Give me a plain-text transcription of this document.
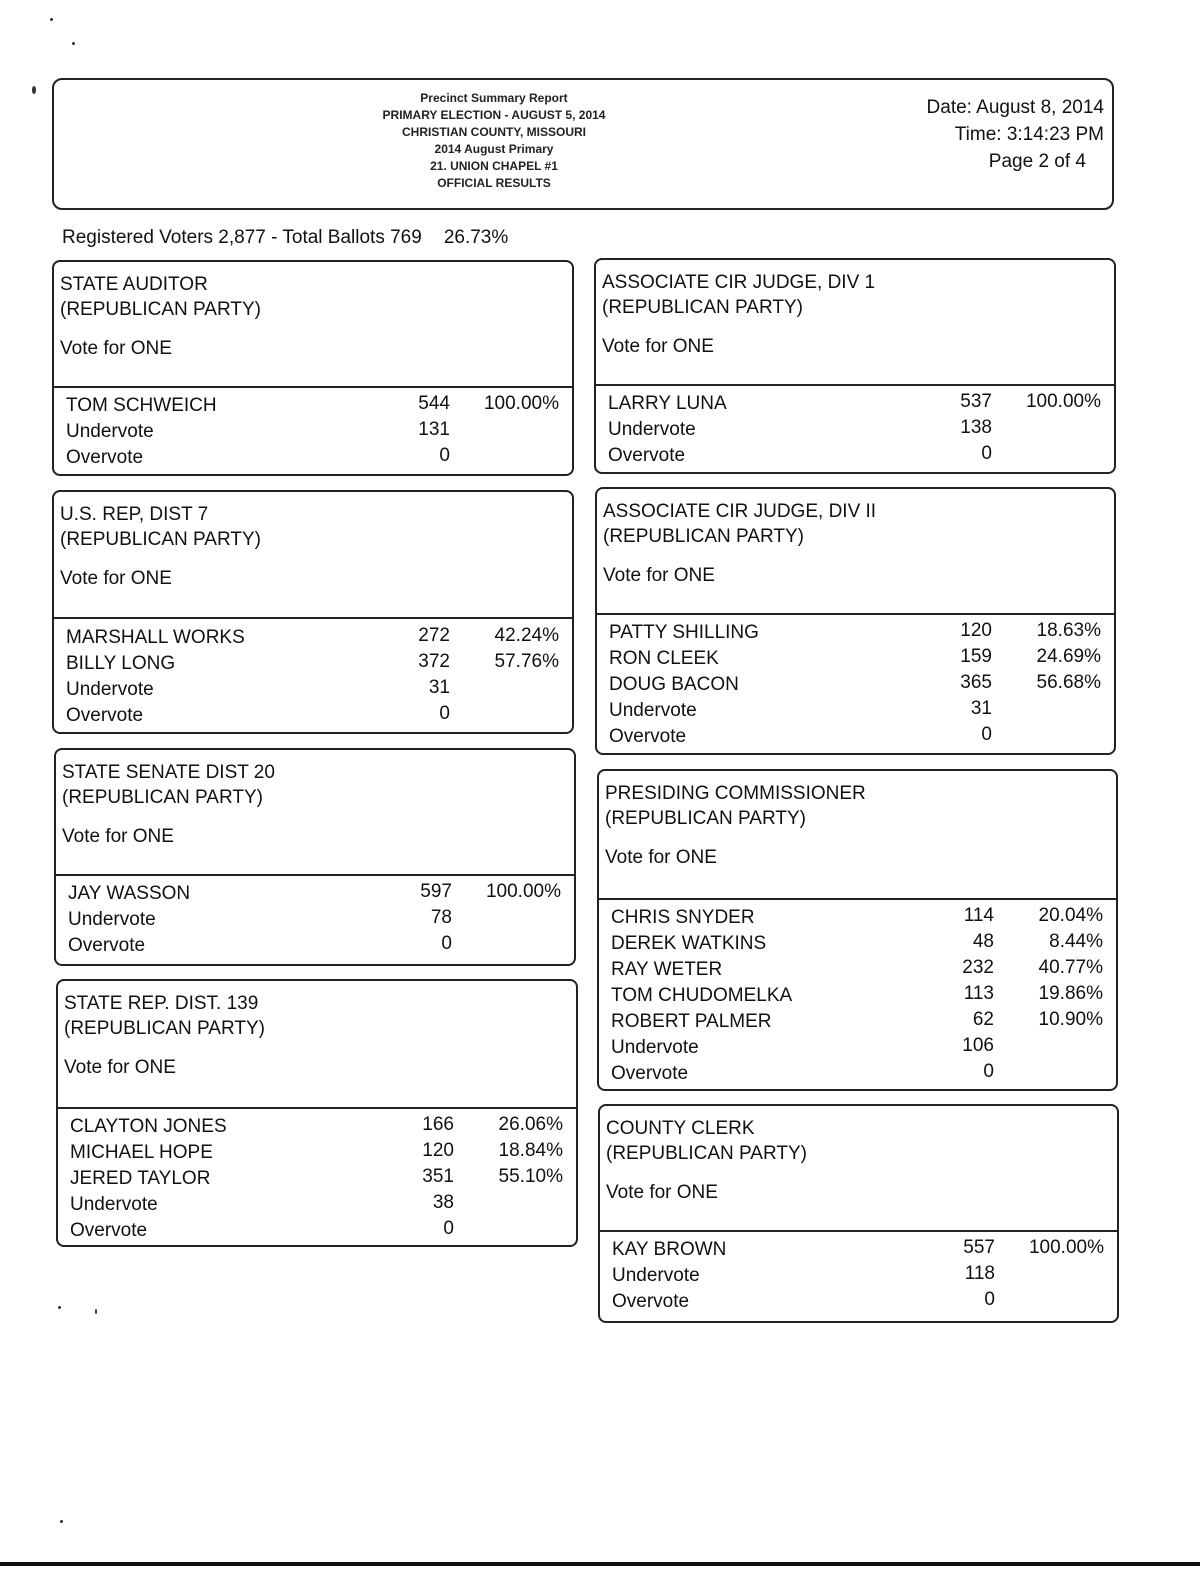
Precinct Summary Report
PRIMARY ELECTION - AUGUST 5, 2014
CHRISTIAN COUNTY, MISSOURI
2014 August Primary
21. UNION CHAPEL #1
OFFICIAL RESULTS
Date: August 8, 2014
Time: 3:14:23 PM
Page 2 of 4
Registered Voters 2,877 - Total Ballots 769 26.73%
STATE AUDITOR
(REPUBLICAN PARTY)
Vote for ONE
TOM SCHWEICH	544 100.00%
Undervote	131
Overvote	0
U.S. REP, DIST 7
(REPUBLICAN PARTY)
Vote for ONE
MARSHALL WORKS	272 42.24%
BILLY LONG	372 57.76%
Undervote	31
Overvote	0
STATE SENATE DIST 20
(REPUBLICAN PARTY)
Vote for ONE
JAY WASSON	597 100.00%
Undervote	78
Overvote	0
STATE REP. DIST. 139
(REPUBLICAN PARTY)
Vote for ONE
CLAYTON JONES	166 26.06%
MICHAEL HOPE	120 18.84%
JERED TAYLOR	351 55.10%
Undervote	38
Overvote	0
ASSOCIATE CIR JUDGE, DIV 1
(REPUBLICAN PARTY)
Vote for ONE
LARRY LUNA	537 100.00%
Undervote	138
Overvote	0
ASSOCIATE CIR JUDGE, DIV II
(REPUBLICAN PARTY)
Vote for ONE
PATTY SHILLING	120 18.63%
RON CLEEK	159 24.69%
DOUG BACON	365 56.68%
Undervote	31
Overvote	0
PRESIDING COMMISSIONER
(REPUBLICAN PARTY)
Vote for ONE
CHRIS SNYDER	114 20.04%
DEREK WATKINS	48	8.44%
RAY WETER	232 40.77%
TOM CHUDOMELKA	113 19.86%
ROBERT PALMER	62 10.90%
Undervote	106
Overvote	0
COUNTY CLERK
(REPUBLICAN PARTY)
Vote for ONE
KAY BROWN	557 100.00%
Undervote	118
Overvote	0
